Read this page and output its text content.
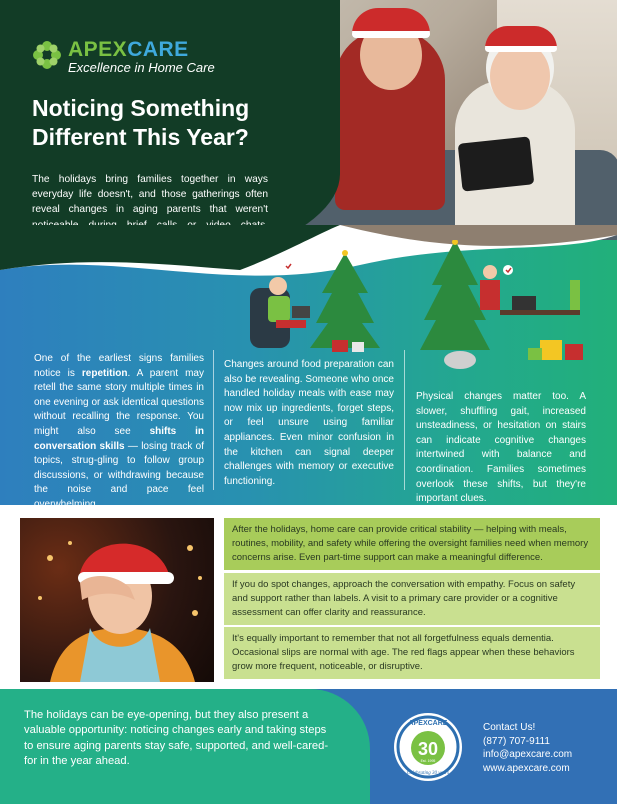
APEXCARE
Excellence in Home Care
Noticing Something Different This Year?
The holidays bring families together in ways everyday life doesn't, and those gatherings often reveal changes in aging parents that weren't
One of the earliest signs families notice is repetition. A parent may retell the same story multiple times in one evening or ask identical questions without recalling the response. You might also see shifts in conversation skills — losing track of topics, strug-gling to follow group discussions, or withdrawing because the noise and pace feel overwhelming.
Changes around food preparation can also be revealing. Someone who once handled holiday meals with ease may now mix up ingredients, forget steps, or feel unsure using familiar appliances. Even minor confusion in the kitchen can signal deeper challenges with memory or executive functioning.
Physical changes matter too. A slower, shuffling gait, increased unsteadiness, or hesitation on stairs can indicate cognitive changes intertwined with balance and coordination. Families sometimes overlook these shifts, but they're important clues.
After the holidays, home care can provide critical stability — helping with meals, routines, mobility, and safety while offering the oversight families need when memory concerns arise. Even part-time support can make a meaningful difference.
If you do spot changes, approach the conversation with empathy. Focus on safety and support rather than labels. A visit to a primary care provider or a cognitive assessment can offer clarity and reassurance.
It's equally important to remember that not all forgetfulness equals dementia. Occasional slips are normal with age. The red flags appear when these behaviors grow more frequent, noticeable, or disruptive.
The holidays can be eye-opening, but they also present a valuable opportunity: noticing changes early and taking steps to ensure aging parents stay safe, supported, and well-cared-for in the year ahead.
APEXCARE
30
Est. 1995
Celebrating 30 years
Contact Us!
(877) 707-9111
info@apexcare.com
www.apexcare.com
